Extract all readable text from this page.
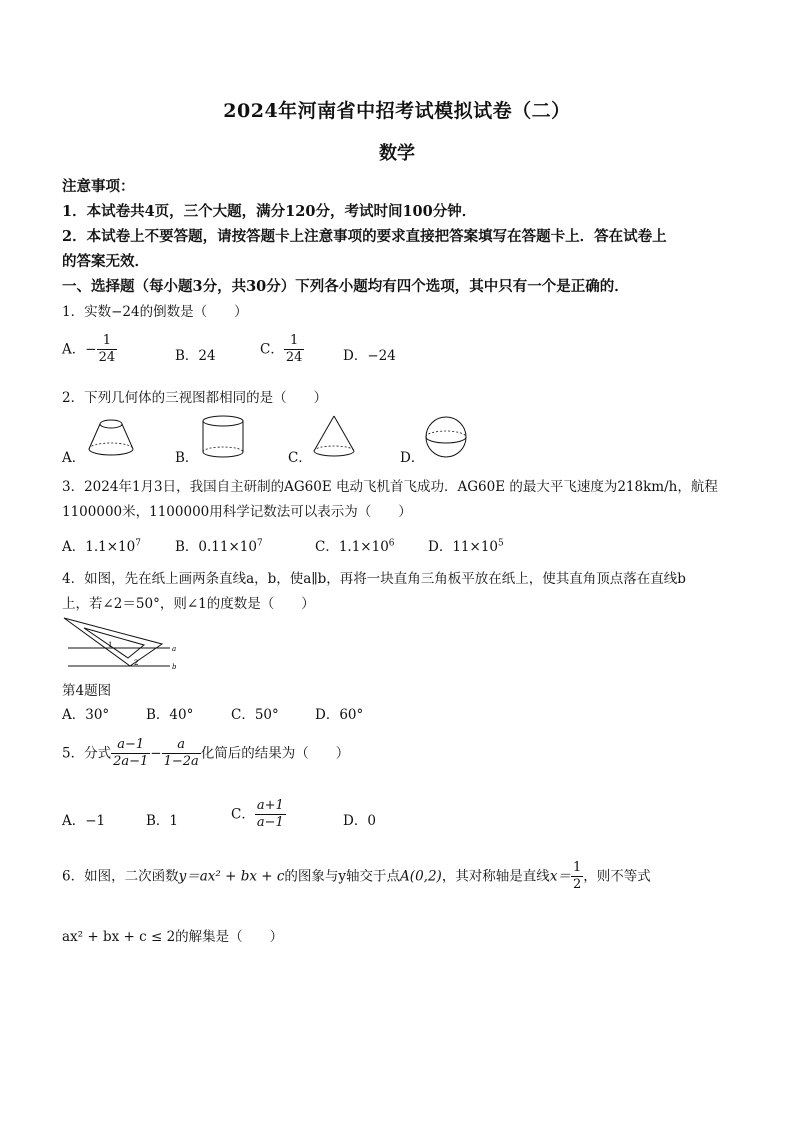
2024年河南省中招考试模拟试卷（二）
数学
注意事项：
1．本试卷共4页，三个大题，满分120分，考试时间100分钟．
2．本试卷上不要答题，请按答题卡上注意事项的要求直接把答案填写在答题卡上．答在试卷上
的答案无效．
一、选择题（每小题3分，共30分）下列各小题均有四个选项，其中只有一个是正确的．
1．实数−24的倒数是（　　）
A．− $\frac{1}{24}$	B．24	C． $\frac{1}{24}$	D．−24
2．下列几何体的三视图都相同的是（　　）
A．	B．	C．	D．
3．2024年1月3日，我国自主研制的AG60E 电动飞机首飞成功．AG60E 的最大平飞速度为218km/h，航程
1100000米，1100000用科学记数法可以表示为（　　）
A．$1.1\times 10^7$	B．$0.11\times 10^7$	C．$1.1\times 10^6$ D．$11\times 10^5$
4．如图，先在纸上画两条直线a，b，使a∥b，再将一块直角三角板平放在纸上，使其直角顶点落在直线b
上，若∠2＝50°，则∠1的度数是（　　）
a
b
1
2
第4题图
A．30°	B．40°	C．50°	D．60°
5．分式 $\frac{a-1}{2a-1} - \frac{a}{1-2a}$ 化简后的结果为（　　）
A．−1	B．1	C． $\frac{a+1}{a-1}$	D．0
6．如图，二次函数y＝ax² + bx + c的图象与y轴交于点A(0,2)，其对称轴是直线$x= \frac{1}{2}$ ，则不等式
ax² + bx + c ≤ 2的解集是（　　）
